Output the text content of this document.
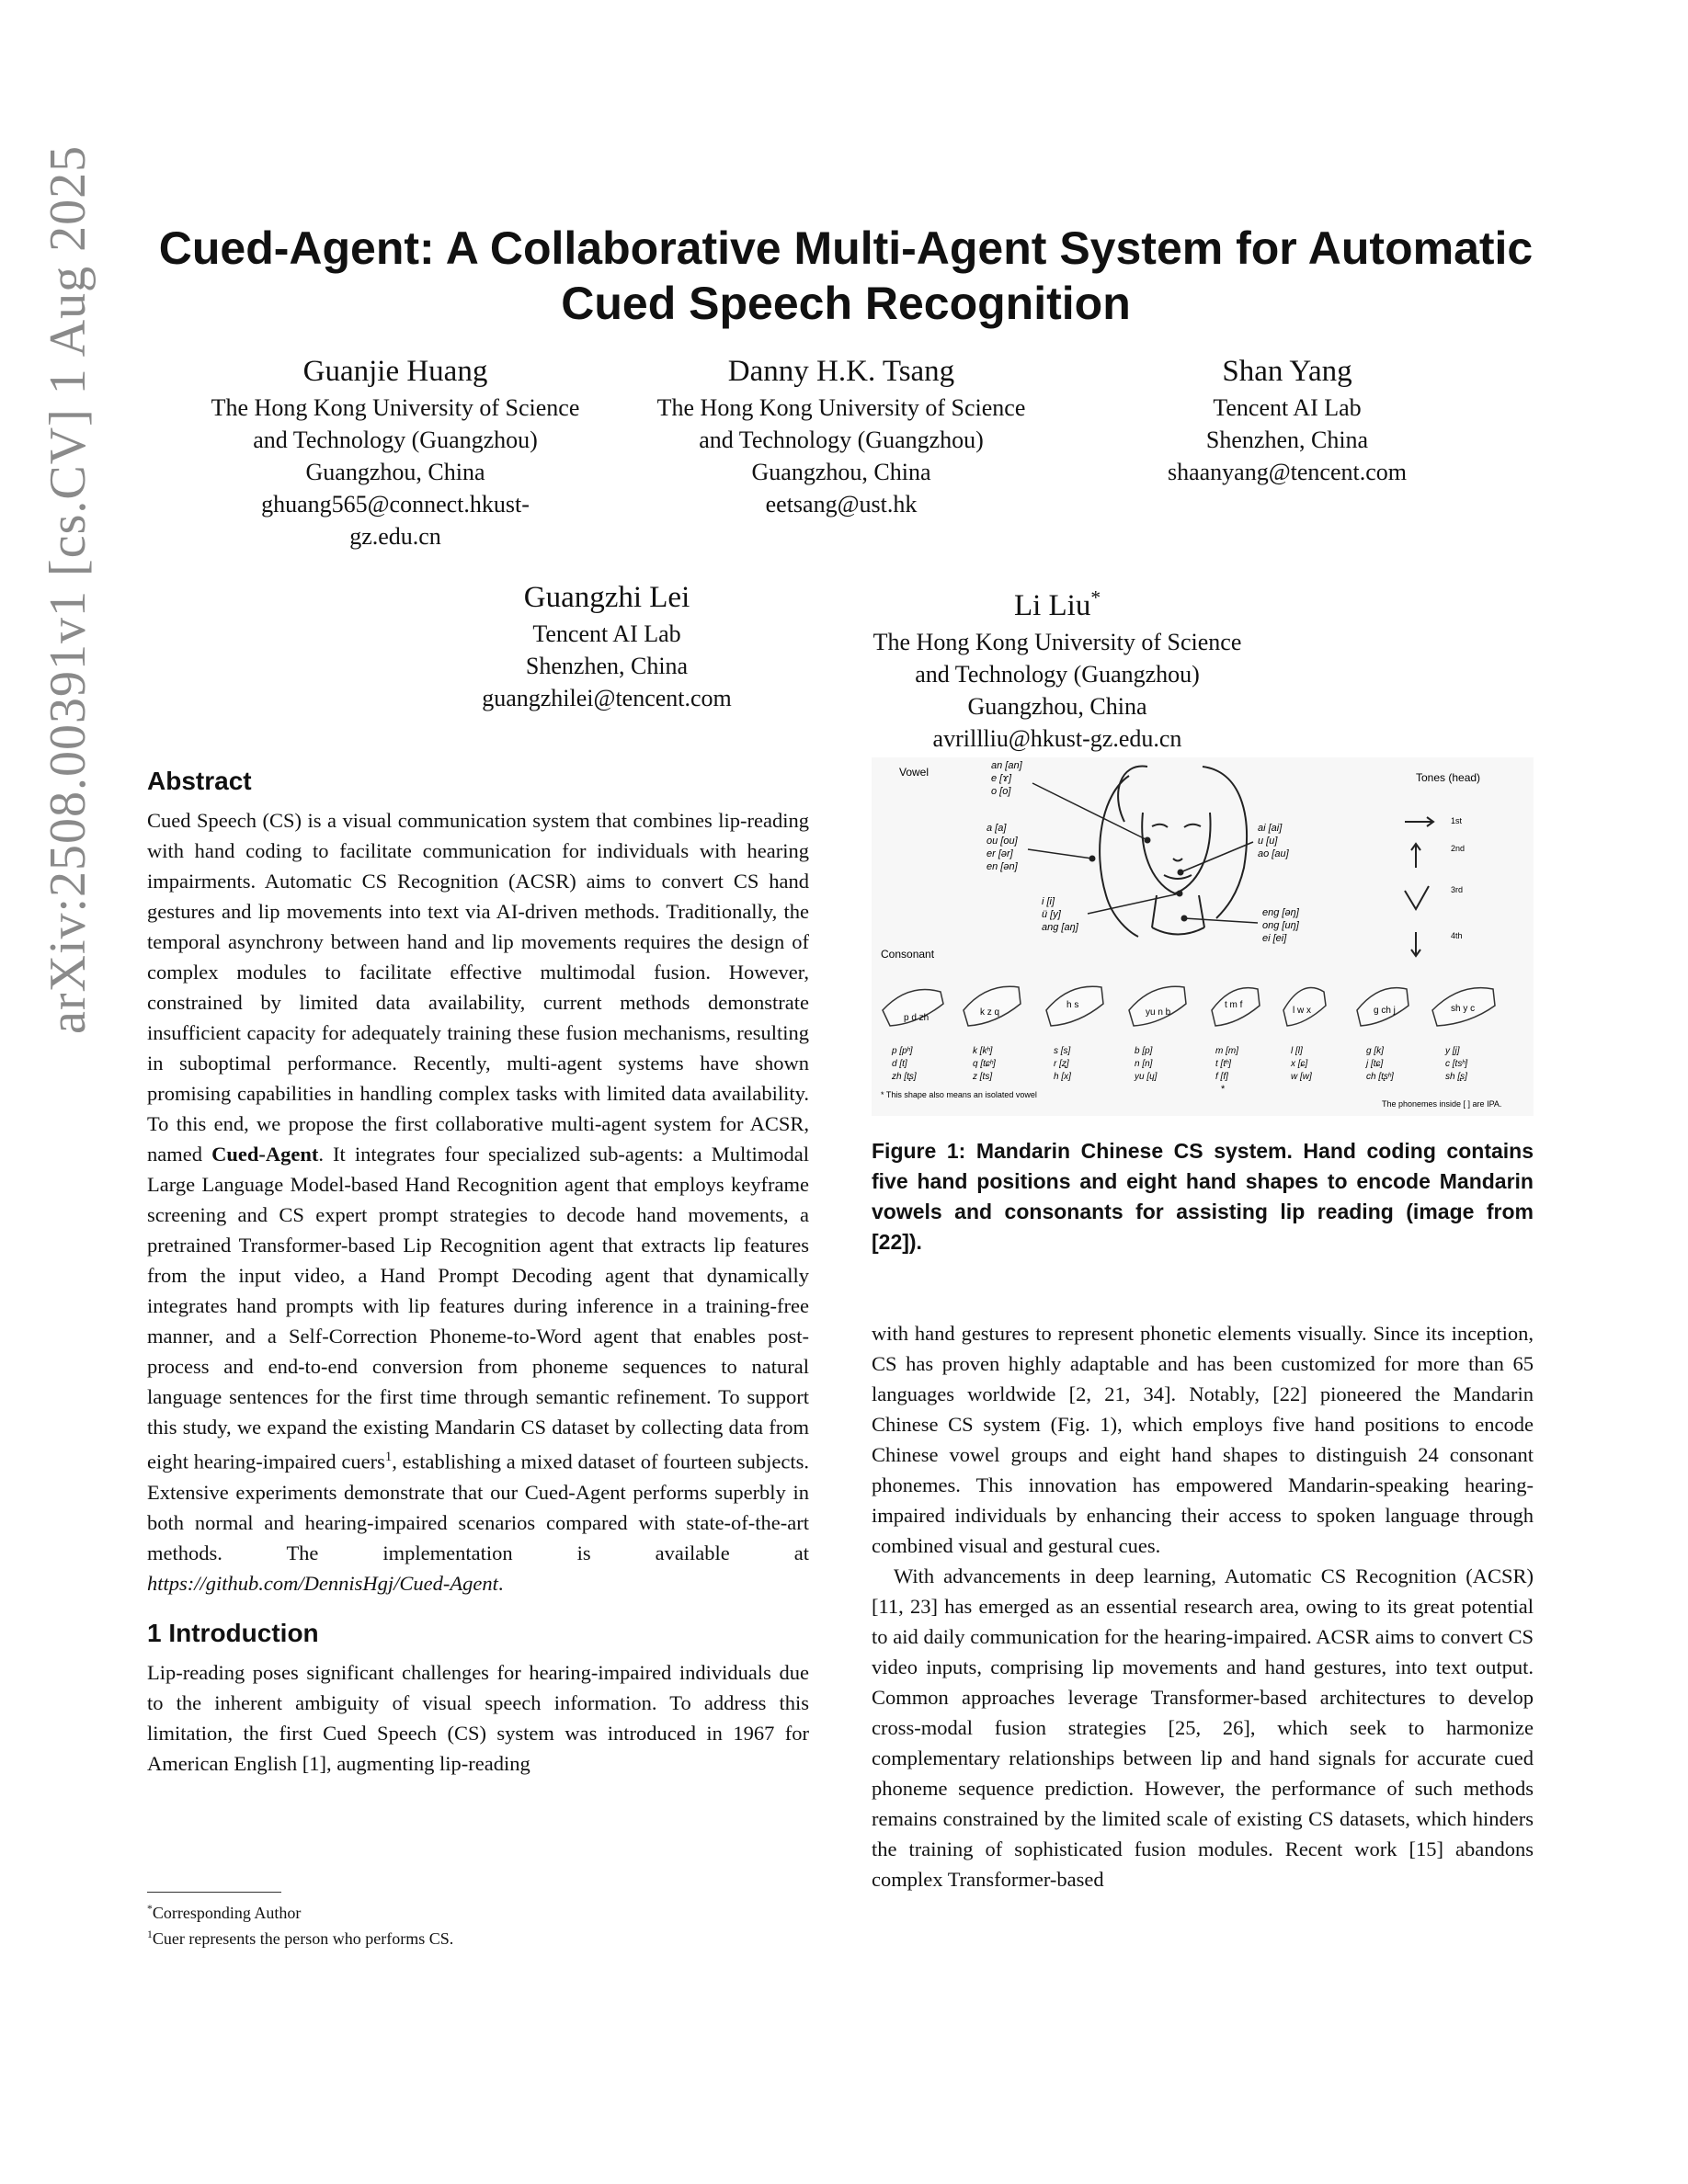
arXiv:2508.00391v1 [cs.CV] 1 Aug 2025 Cued-Agent: A Collaborative Multi-Agent System for Automatic
Cued Speech Recognition
Guanjie Huang
The Hong Kong University of Science
and Technology (Guangzhou)
Guangzhou, China
ghuang565@connect.hkust-
gz.edu.cn
Danny H.K. Tsang
The Hong Kong University of Science
and Technology (Guangzhou)
Guangzhou, China
eetsang@ust.hk
Shan Yang
Tencent AI Lab
Shenzhen, China
shaanyang@tencent.com
Guangzhi Lei
Tencent AI Lab
Shenzhen, China
guangzhilei@tencent.com
Li Liu*
The Hong Kong University of Science
and Technology (Guangzhou)
Guangzhou, China
avrillliu@hkust-gz.edu.cn
Abstract

Cued Speech (CS) is a visual communication system that combines lip-reading with hand coding to facilitate communication for individuals with hearing impairments. Automatic CS Recognition (ACSR) aims to convert CS hand gestures and lip movements into text via AI-driven methods. Traditionally, the temporal asynchrony between hand and lip movements requires the design of complex modules to facilitate effective multimodal fusion. However, constrained by limited data availability, current methods demonstrate insufficient capacity for adequately training these fusion mechanisms, resulting in suboptimal performance. Recently, multi-agent systems have shown promising capabilities in handling complex tasks with limited data availability. To this end, we propose the first collaborative multi-agent system for ACSR, named Cued-Agent. It integrates four specialized sub-agents: a Multimodal Large Language Model-based Hand Recognition agent that employs keyframe screening and CS expert prompt strategies to decode hand movements, a pretrained Transformer-based Lip Recognition agent that extracts lip features from the input video, a Hand Prompt Decoding agent that dynamically integrates hand prompts with lip features during inference in a training-free manner, and a Self-Correction Phoneme-to-Word agent that enables post-process and end-to-end conversion from phoneme sequences to natural language sentences for the first time through semantic refinement. To support this study, we expand the existing Mandarin CS dataset by collecting data from eight hearing-impaired cuers$^1$, establishing a mixed dataset of fourteen subjects. Extensive experiments demonstrate that our Cued-Agent performs superbly in both normal and hearing-impaired scenarios compared with state-of-the-art methods. The implementation is available at https://github.com/DennisHgj/Cued-Agent.

1 Introduction

Lip-reading poses significant challenges for hearing-impaired individuals due to the inherent ambiguity of visual speech information. To address this limitation, the first Cued Speech (CS) system was introduced in 1967 for American English [1], augmenting lip-reading

Vowel
Consonant
Tones (head)
an [an]
e [ɤ]
o [o]
a [a]
ou [ou]
er [ər]
en [ən]
ai [ai]
u [u]
ao [au]
i [i]
ü [y]
ang [aŋ]
eng [əŋ]
ong [uŋ]
ei [ei]
1st
2nd
3rd
4th
p d zh
k z q
h s
yu n b
t m f
l w x	g ch j	sh y c
p [pʰ]
d [t]
zh [tʂ]
k [kʰ]
q [tɕʰ]
z [ts]
s [s]
r [ʐ]
h [x]
b [p]
n [n]
yu [ɥ]
m [m]
t [tʰ]
f [f]
l [l]
x [ɕ]
w [w]
g [k]
j [tɕ]
ch [tʂʰ]
y [j]
c [tsʰ]
sh [ʂ]
*
* This shape also means an isolated vowel
The phonemes inside [ ] are IPA.
Figure 1: Mandarin Chinese CS system. Hand coding contains five hand positions and eight hand shapes to encode Mandarin vowels and consonants for assisting lip reading (image from [22]).

with hand gestures to represent phonetic elements visually. Since its inception, CS has proven highly adaptable and has been customized for more than 65 languages worldwide [2, 21, 34]. Notably, [22] pioneered the Mandarin Chinese CS system (Fig. 1), which employs five hand positions to encode Chinese vowel groups and eight hand shapes to distinguish 24 consonant phonemes. This innovation has empowered Mandarin-speaking hearing-impaired individuals by enhancing their access to spoken language through combined visual and gestural cues.

With advancements in deep learning, Automatic CS Recognition (ACSR) [11, 23] has emerged as an essential research area, owing to its great potential to aid daily communication for the hearing-impaired. ACSR aims to convert CS video inputs, comprising lip movements and hand gestures, into text output. Common approaches leverage Transformer-based architectures to develop cross-modal fusion strategies [25, 26], which seek to harmonize complementary relationships between lip and hand signals for accurate cued phoneme sequence prediction. However, the performance of such methods remains constrained by the limited scale of existing CS datasets, which hinders the training of sophisticated fusion modules. Recent work [15] abandons complex Transformer-based

*Corresponding Author
$^1$Cuer represents the person who performs CS.
